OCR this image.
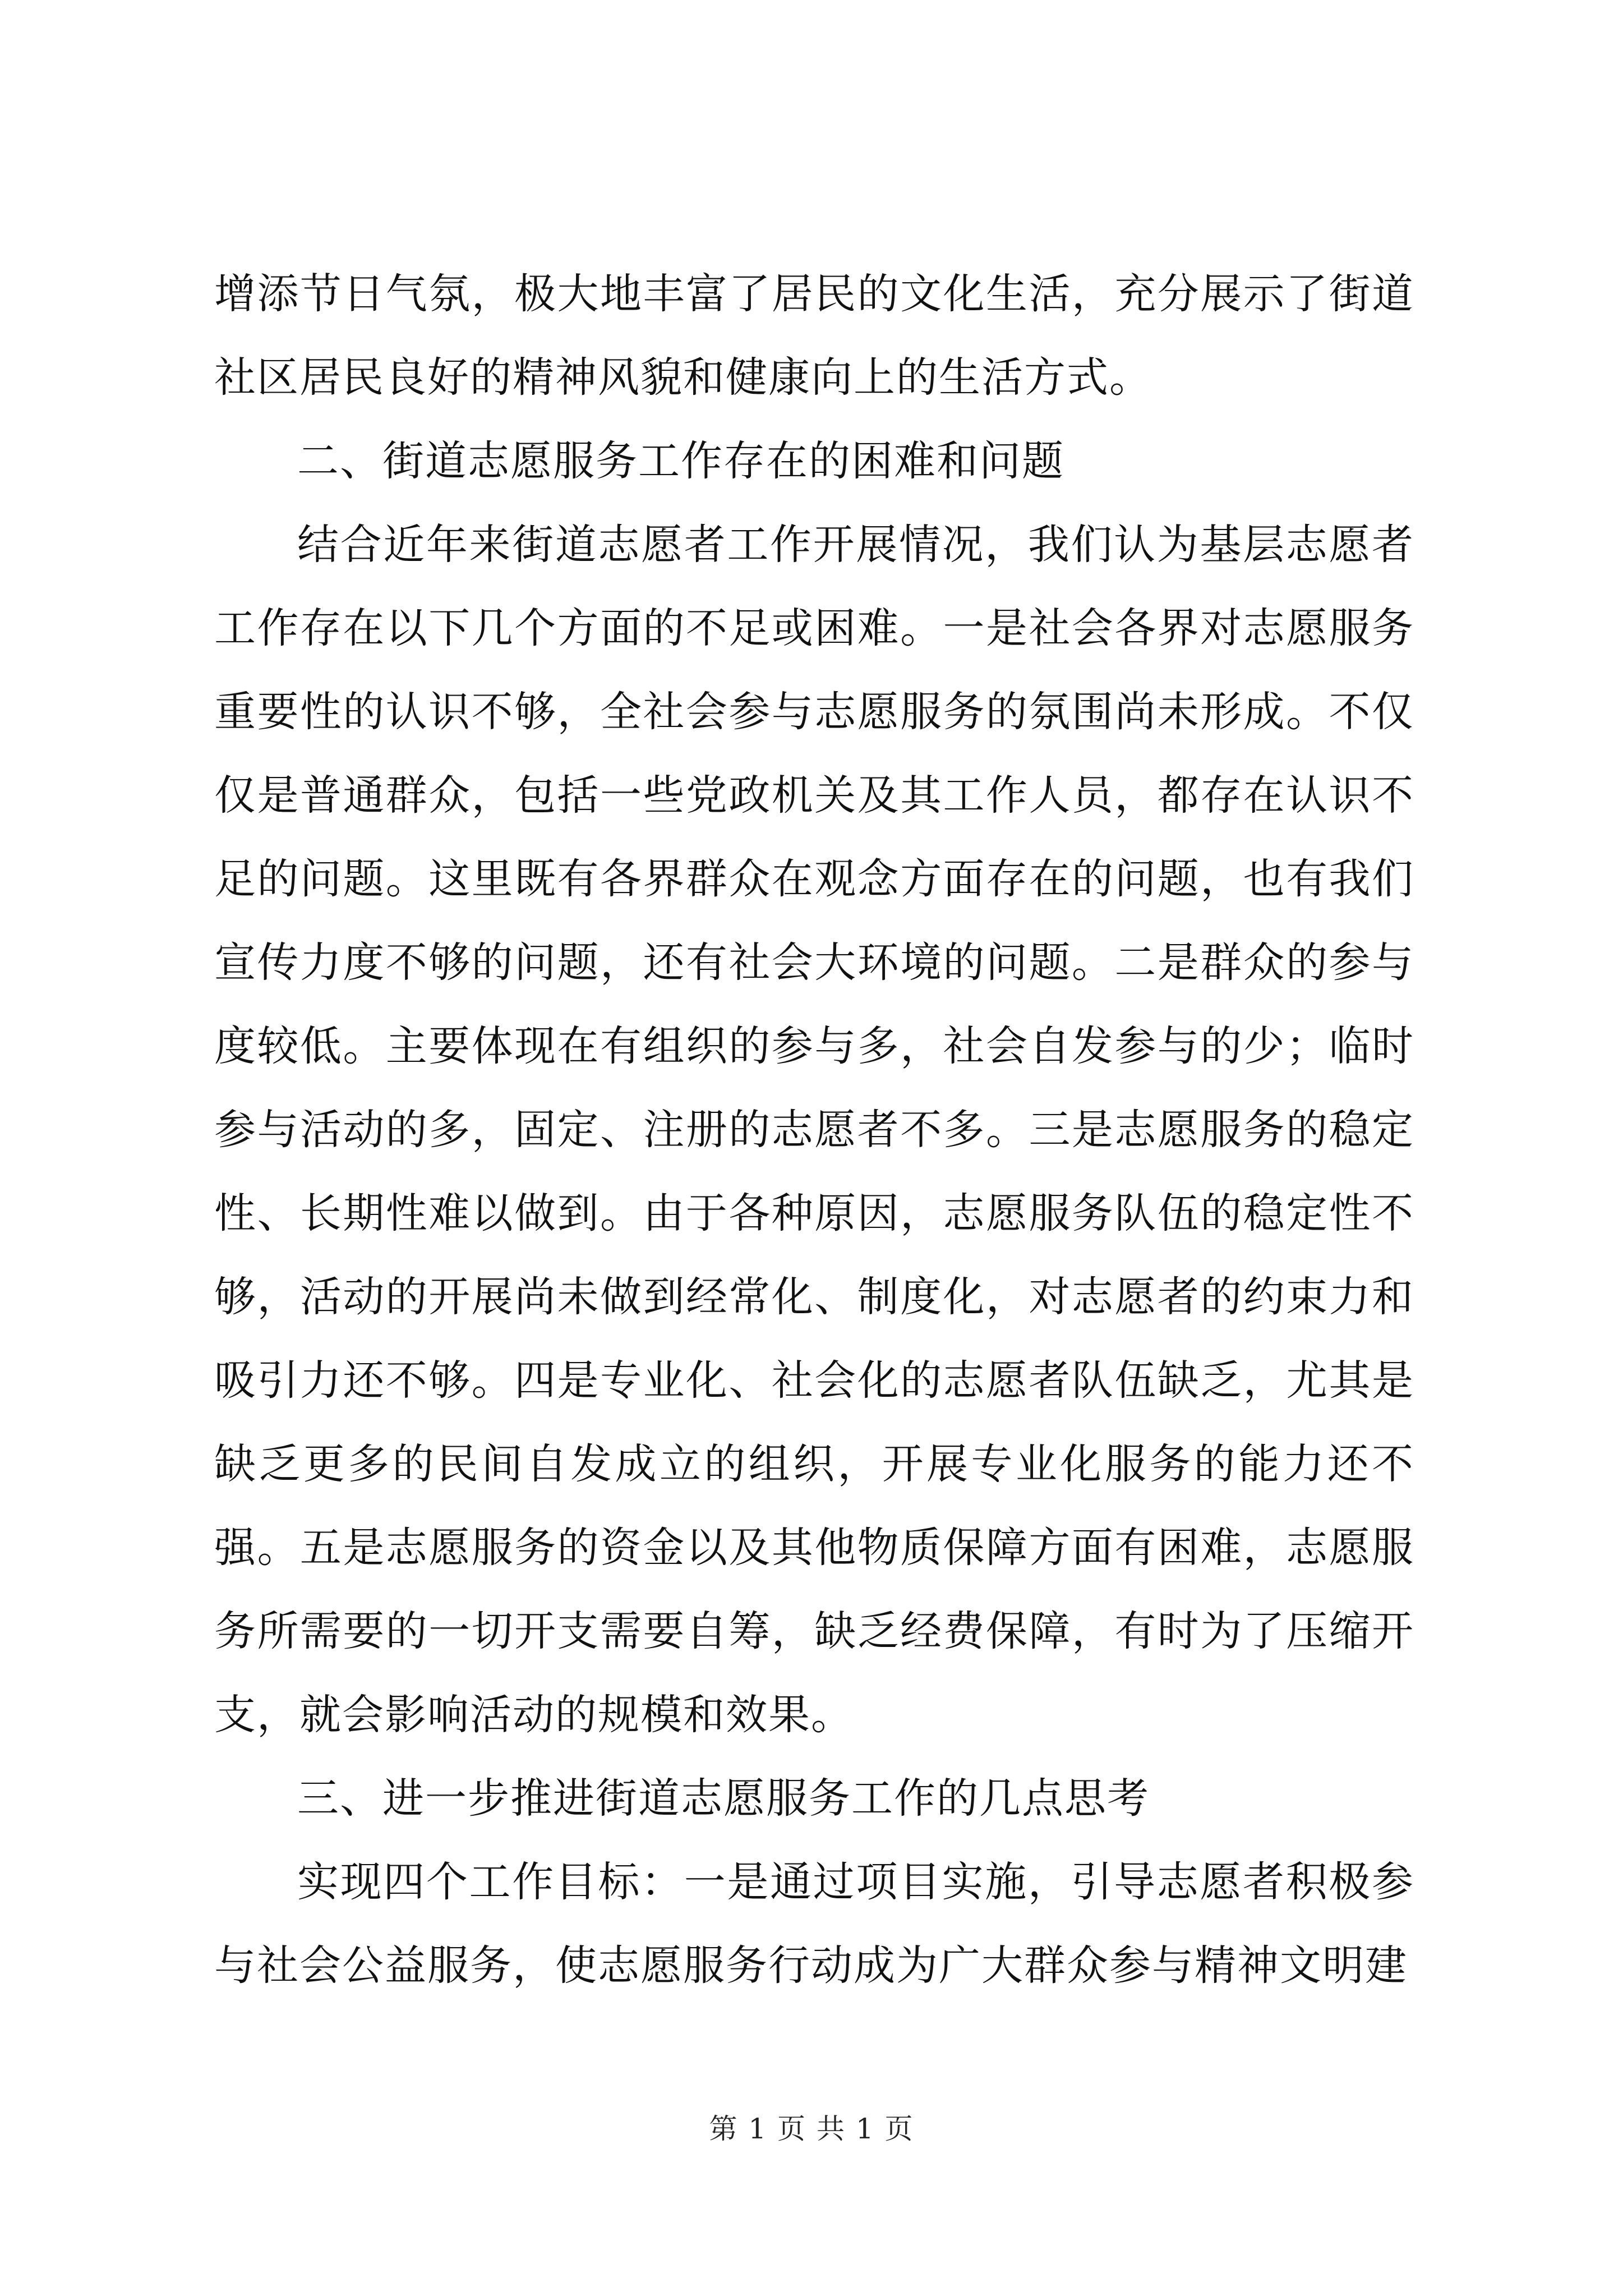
增添节日气氛，极大地丰富了居民的文化生活，充分展示了街道社区居民良好的精神风貌和健康向上的生活方式。

二、街道志愿服务工作存在的困难和问题

结合近年来街道志愿者工作开展情况，我们认为基层志愿者工作存在以下几个方面的不足或困难。一是社会各界对志愿服务重要性的认识不够，全社会参与志愿服务的氛围尚未形成。不仅仅是普通群众，包括一些党政机关及其工作人员，都存在认识不足的问题。这里既有各界群众在观念方面存在的问题，也有我们宣传力度不够的问题，还有社会大环境的问题。二是群众的参与度较低。主要体现在有组织的参与多，社会自发参与的少；临时参与活动的多，固定、注册的志愿者不多。三是志愿服务的稳定性、长期性难以做到。由于各种原因，志愿服务队伍的稳定性不够，活动的开展尚未做到经常化、制度化，对志愿者的约束力和吸引力还不够。四是专业化、社会化的志愿者队伍缺乏，尤其是缺乏更多的民间自发成立的组织，开展专业化服务的能力还不强。五是志愿服务的资金以及其他物质保障方面有困难，志愿服务所需要的一切开支需要自筹，缺乏经费保障，有时为了压缩开支，就会影响活动的规模和效果。

三、进一步推进街道志愿服务工作的几点思考

实现四个工作目标：一是通过项目实施，引导志愿者积极参与社会公益服务，使志愿服务行动成为广大群众参与精神文明建

第 1 页 共 1 页
